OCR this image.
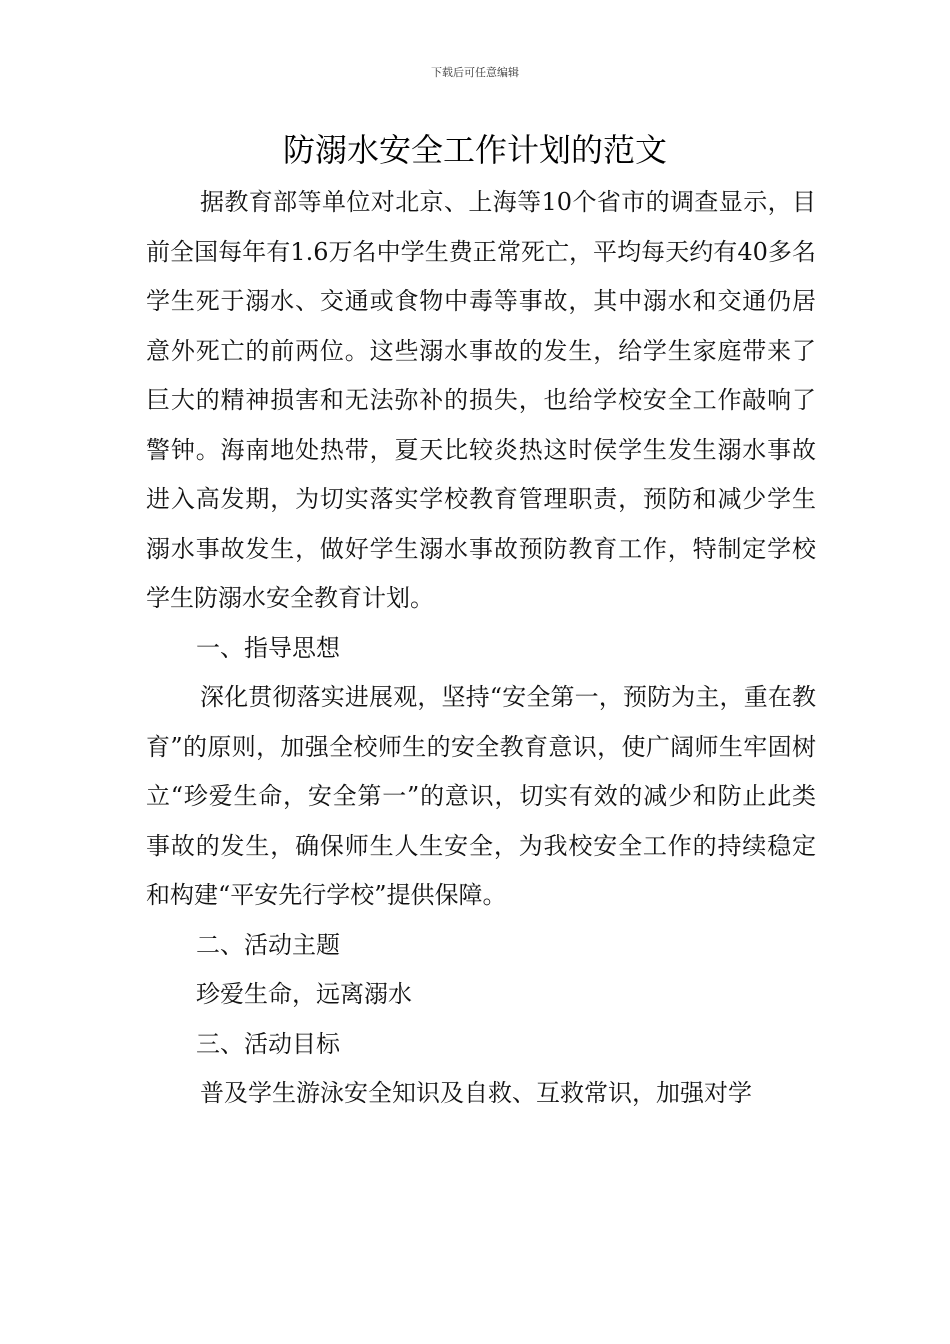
下载后可任意编辑
防溺水安全工作计划的范文

据教育部等单位对北京、上海等10个省市的调查显示，目前全国每年有1.6万名中学生费正常死亡，平均每天约有40多名学生死于溺水、交通或食物中毒等事故，其中溺水和交通仍居意外死亡的前两位。这些溺水事故的发生，给学生家庭带来了巨大的精神损害和无法弥补的损失，也给学校安全工作敲响了警钟。海南地处热带，夏天比较炎热这时侯学生发生溺水事故进入高发期，为切实落实学校教育管理职责，预防和减少学生溺水事故发生，做好学生溺水事故预防教育工作，特制定学校学生防溺水安全教育计划。

一、指导思想

深化贯彻落实进展观，坚持“安全第一，预防为主，重在教育”的原则，加强全校师生的安全教育意识，使广阔师生牢固树立“珍爱生命，安全第一”的意识，切实有效的减少和防止此类事故的发生，确保师生人生安全，为我校安全工作的持续稳定和构建“平安先行学校”提供保障。

二、活动主题

珍爱生命，远离溺水

三、活动目标

普及学生游泳安全知识及自救、互救常识，加强对学
